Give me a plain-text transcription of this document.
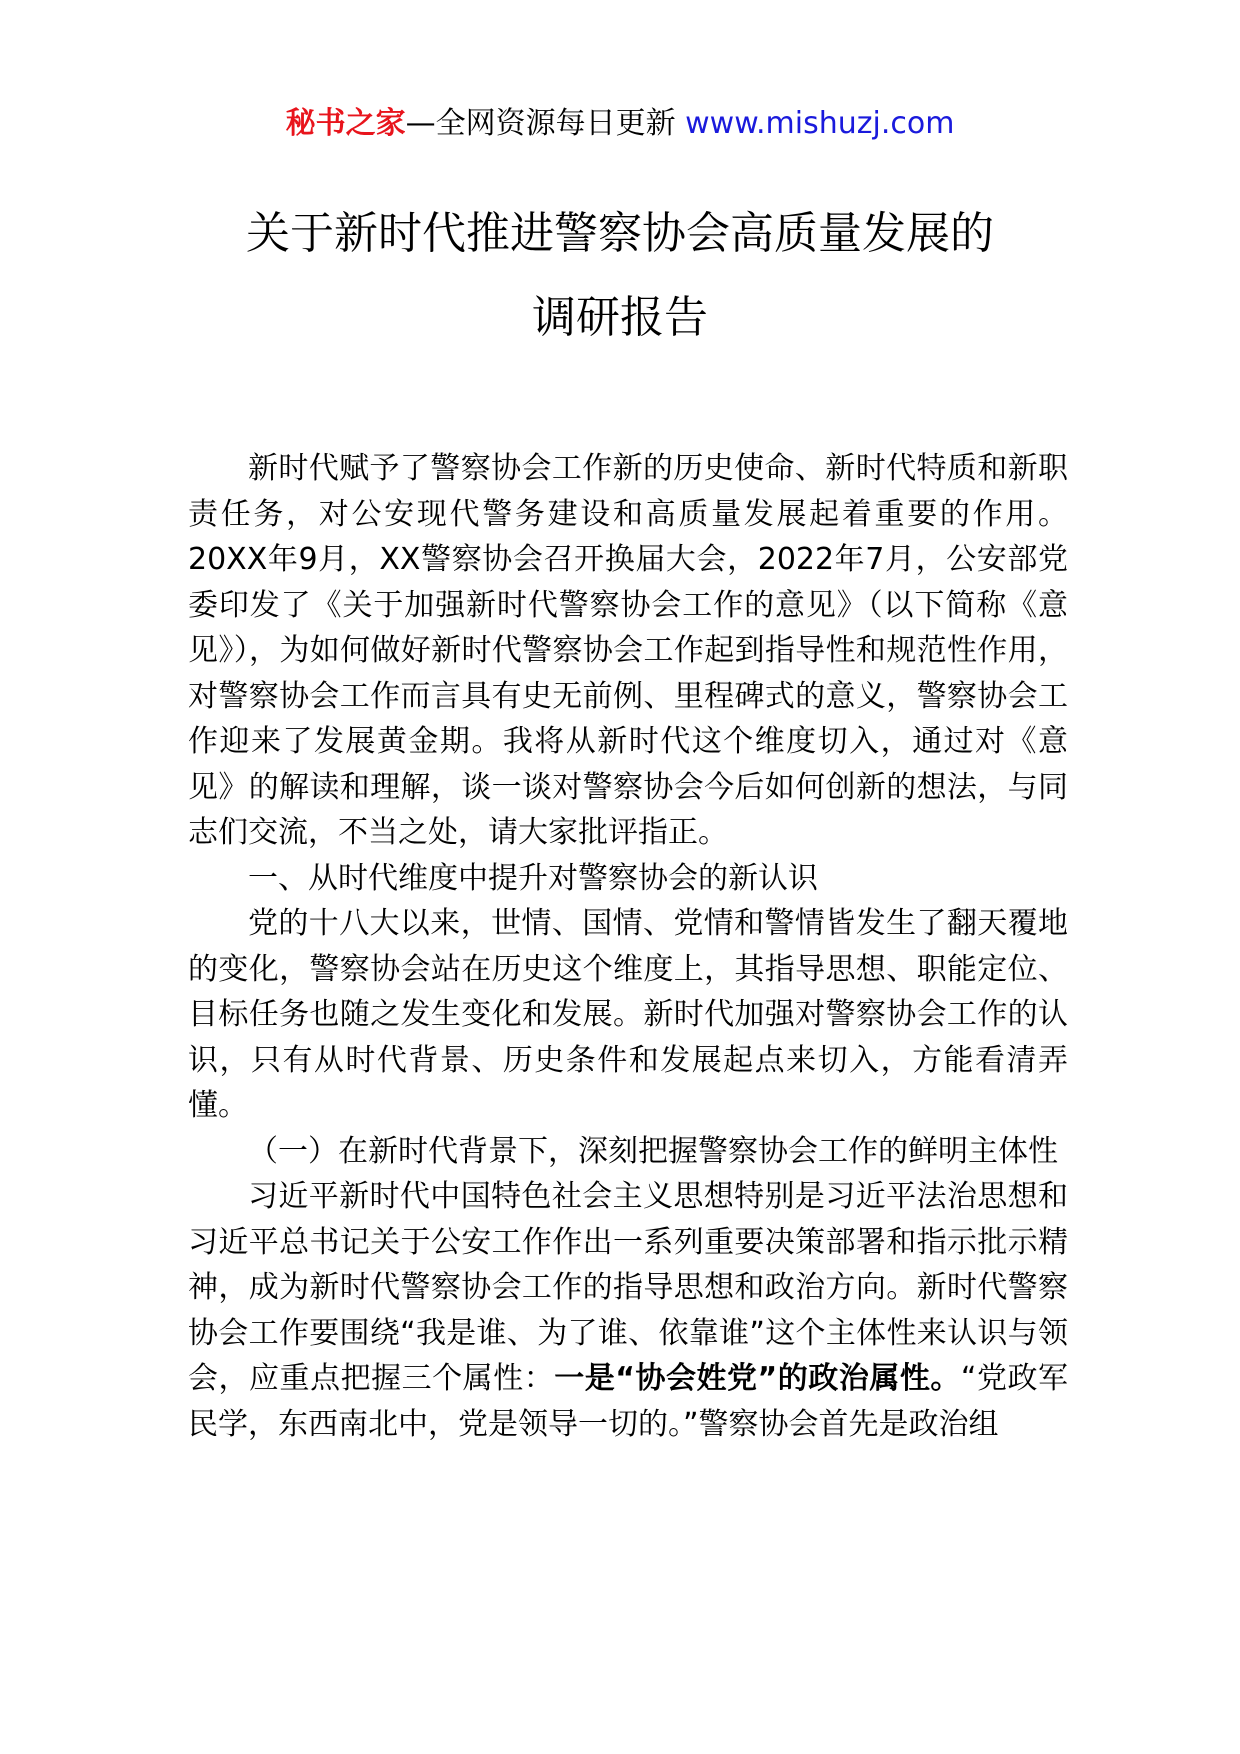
秘书之家—全网资源每日更新 www.mishuzj.com
关于新时代推进警察协会高质量发展的
调研报告

新时代赋予了警察协会工作新的历史使命、新时代特质和新职责任务，对公安现代警务建设和高质量发展起着重要的作用。20XX年9月，XX警察协会召开换届大会，2022年7月，公安部党委印发了《关于加强新时代警察协会工作的意见》（以下简称《意见》），为如何做好新时代警察协会工作起到指导性和规范性作用，对警察协会工作而言具有史无前例、里程碑式的意义，警察协会工作迎来了发展黄金期。我将从新时代这个维度切入，通过对《意见》的解读和理解，谈一谈对警察协会今后如何创新的想法，与同志们交流，不当之处，请大家批评指正。

一、从时代维度中提升对警察协会的新认识

党的十八大以来，世情、国情、党情和警情皆发生了翻天覆地的变化，警察协会站在历史这个维度上，其指导思想、职能定位、目标任务也随之发生变化和发展。新时代加强对警察协会工作的认识，只有从时代背景、历史条件和发展起点来切入，方能看清弄懂。

（一）在新时代背景下，深刻把握警察协会工作的鲜明主体性

习近平新时代中国特色社会主义思想特别是习近平法治思想和习近平总书记关于公安工作作出一系列重要决策部署和指示批示精神，成为新时代警察协会工作的指导思想和政治方向。新时代警察协会工作要围绕“我是谁、为了谁、依靠谁”这个主体性来认识与领会，应重点把握三个属性：一是“协会姓党”的政治属性。“党政军民学，东西南北中，党是领导一切的。”警察协会首先是政治组
